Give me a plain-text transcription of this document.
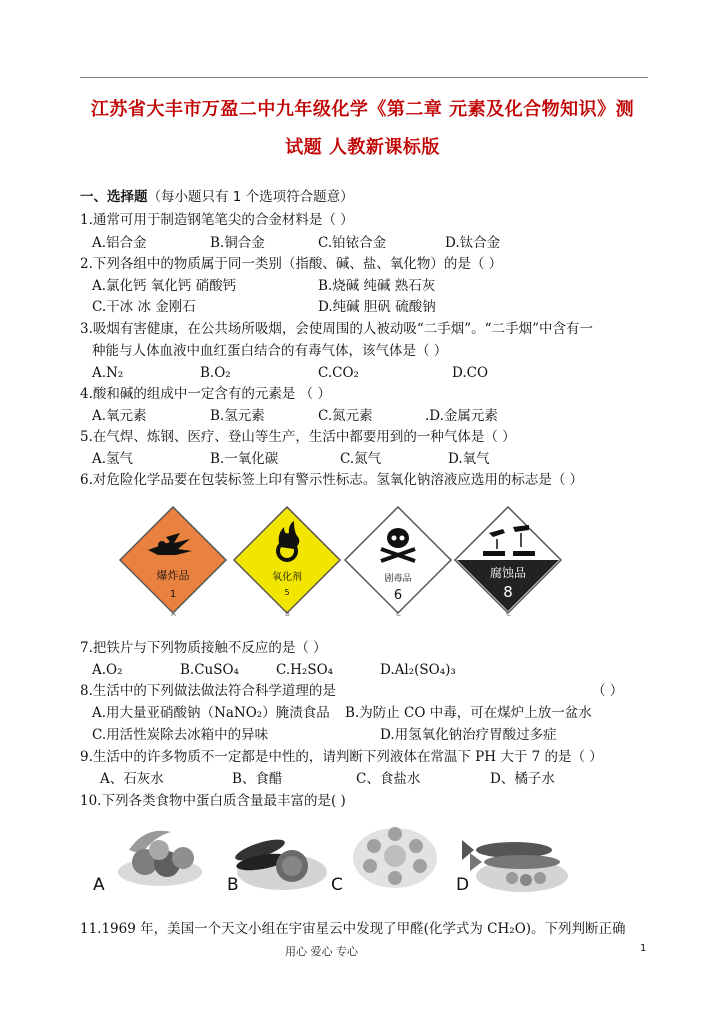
江苏省大丰市万盈二中九年级化学《第二章 元素及化合物知识》测
试题 人教新课标版
一、选择题（每小题只有 1 个选项符合题意）
1.通常可用于制造钢笔笔尖的合金材料是（ ）
A.铝合金	B.铜合金	C.铂铱合金	D.钛合金
2.下列各组中的物质属于同一类别（指酸、碱、盐、氧化物）的是（ ）
A.氯化钙 氧化钙 硝酸钙	B.烧碱 纯碱 熟石灰
C.干冰 冰 金刚石	D.纯碱 胆矾 硫酸钠
3.吸烟有害健康，在公共场所吸烟，会使周围的人被动吸“二手烟”。“二手烟”中含有一
种能与人体血液中血红蛋白结合的有毒气体，该气体是（ ）
A.N₂	B.O₂	C.CO₂	D.CO
4.酸和碱的组成中一定含有的元素是 （ ）
A.氧元素	B.氢元素	C.氮元素	.D.金属元素
5.在气焊、炼钢、医疗、登山等生产，生活中都要用到的一种气体是（ ）
A.氢气	B.一氧化碳	C.氮气	D.氧气
6.对危险化学品要在包装标签上印有警示性标志。氢氧化钠溶液应选用的标志是（ ）
爆炸品
1
A
氧化剂
5
B
剧毒品
6
C
腐蚀品
8
C
7.把铁片与下列物质接触不反应的是（ ）
A.O₂	B.CuSO₄	C.H₂SO₄	D.Al₂(SO₄)₃
8.生活中的下列做法做法符合科学道理的是	（ ）
A.用大量亚硝酸钠（NaNO₂）腌渍食品 B.为防止 CO 中毒，可在煤炉上放一盆水
C.用活性炭除去冰箱中的异味	D.用氢氧化钠治疗胃酸过多症
9.生活中的许多物质不一定都是中性的，请判断下列液体在常温下 PH 大于 7 的是（ ）
A、石灰水	B、食醋	C、食盐水	D、橘子水
10.下列各类食物中蛋白质含量最丰富的是( )
A	B	C	D
11.1969 年，美国一个天文小组在宇宙星云中发现了甲醛(化学式为 CH₂O)。下列判断正确
用心 爱心 专心	1
